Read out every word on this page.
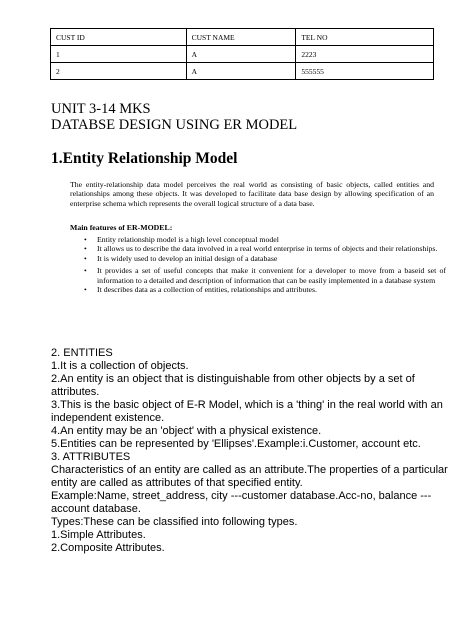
CUST ID	CUST NAME	TEL NO
1	A	2223
2	A	555555
UNIT 3-14 MKS
DATABSE DESIGN USING ER MODEL
1.Entity Relationship Model
The entity-relationship data model perceives the real world as consisting of basic objects, called entities and relationships among these objects. It was developed to facilitate data base design by allowing specification of an enterprise schema which represents the overall logical structure of a data base.
Main features of ER-MODEL:
• Entity relationship model is a high level conceptual model
• It allows us to describe the data involved in a real world enterprise in terms of objects and their relationships.
• It is widely used to develop an initial design of a database
• It provides a set of useful concepts that make it convenient for a developer to move from a baseid set of information to a detailed and description of information that can be easily implemented in a database system
• It describes data as a collection of entities, relationships and attributes.
2. ENTITIES
1.It is a collection of objects.
2.An entity is an object that is distinguishable from other objects by a set of attributes.
3.This is the basic object of E-R Model, which is a 'thing' in the real world with an independent existence.
4.An entity may be an 'object' with a physical existence.
5.Entities can be represented by 'Ellipses'.Example:i.Customer, account etc.
3. ATTRIBUTES
Characteristics of an entity are called as an attribute.The properties of a particular entity are called as attributes of that specified entity.
Example:Name, street_address, city ---customer database.Acc-no, balance ---account database.
Types:These can be classified into following types.
1.Simple Attributes.
2.Composite Attributes.
